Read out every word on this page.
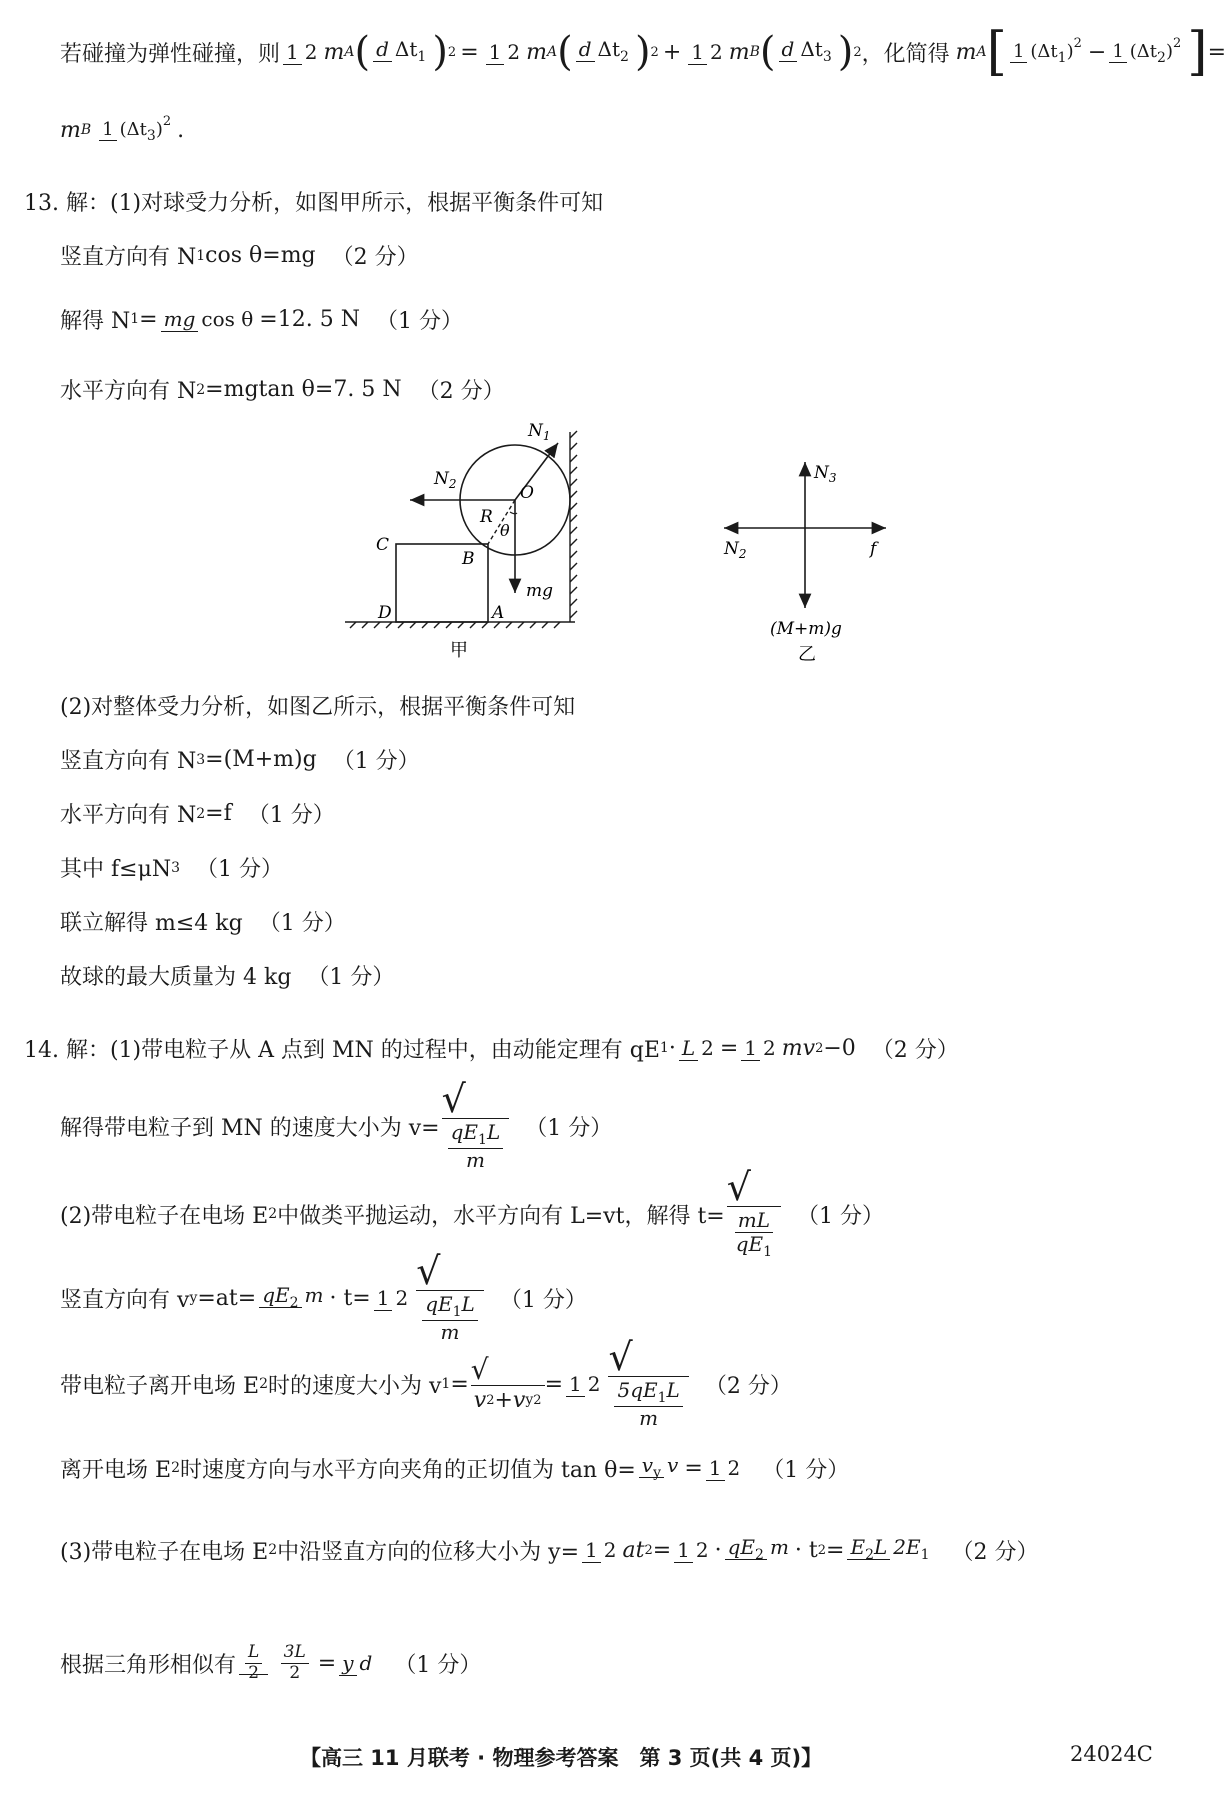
若碰撞为弹性碰撞，则 1 2 m A ( d $\Delta t_1$ ) 2 = 1 2 m A ( d $\Delta t_2$ ) 2 + 1 2 m B ( d $\Delta t_3$ ) 2 ，化简得 m A [ 1 $(\Delta t_1)^2 - 1$ $(\Delta t_2)^2$ ] =
m B 1 $(\Delta t_3)^2$ .
13. 解：(1)对球受力分析，如图甲所示，根据平衡条件可知
竖直方向有 N 1 cos θ=mg （2 分）
解得 N 1 = mg cos θ =12. 5 N （1 分）
水平方向有 N 2 =mgtan θ=7. 5 N （2 分）
$N_1$
$N_2$	O
R
θ
mg
C
B
D	A
甲
$N_3$
$N_2$	f
(M+m)g
乙
(2)对整体受力分析，如图乙所示，根据平衡条件可知
竖直方向有 N 3 =(M+m)g （1 分）
水平方向有 N 2 =f （1 分）
其中 f≤μN 3 （1 分）
联立解得 m≤4 kg （1 分）
故球的最大质量为 4 kg （1 分）
14. 解：(1)带电粒子从 A 点到 MN 的过程中，由动能定理有 qE 1 · L 2 = 1 2 mv 2 −0 （2 分）
解得带电粒子到 MN 的速度大小为 v=
√
$\frac{qE_1L}{m} (1$ 分）
(2)带电粒子在电场 E 2 中做类平抛运动，水平方向有 L=vt，解得 t=
√
$\frac{mL}{qE_1} (1$ 分）
竖直方向有 v $y =at= qE_2$ m · t= 1 2
√
$\frac{qE_1L}{m} (1$ 分）
带电粒子离开电场 E 2 时的速度大小为 v 1 = √
v 2 +v y 2
= 1 2
√
$\frac{5qE_1L}{m} (2$ 分）
离开电场 E 2 时速度方向与水平方向夹角的正切值为 $\tan \theta= v_y$ v = 1 2 （1 分）
(3)带电粒子在电场 E 2 中沿竖直方向的位移大小为 y= 1 2 at 2 = 1 $2 \cdot qE_2$ m · t $2 = E_2L$ $2E_1$ （2 分）
根据三角形相似有 $\frac{L}{2}$
$\frac{3L}{2} = y$ d （1 分）
【高三 11 月联考 · 物理参考答案　第 3 页(共 4 页)】	24024C
